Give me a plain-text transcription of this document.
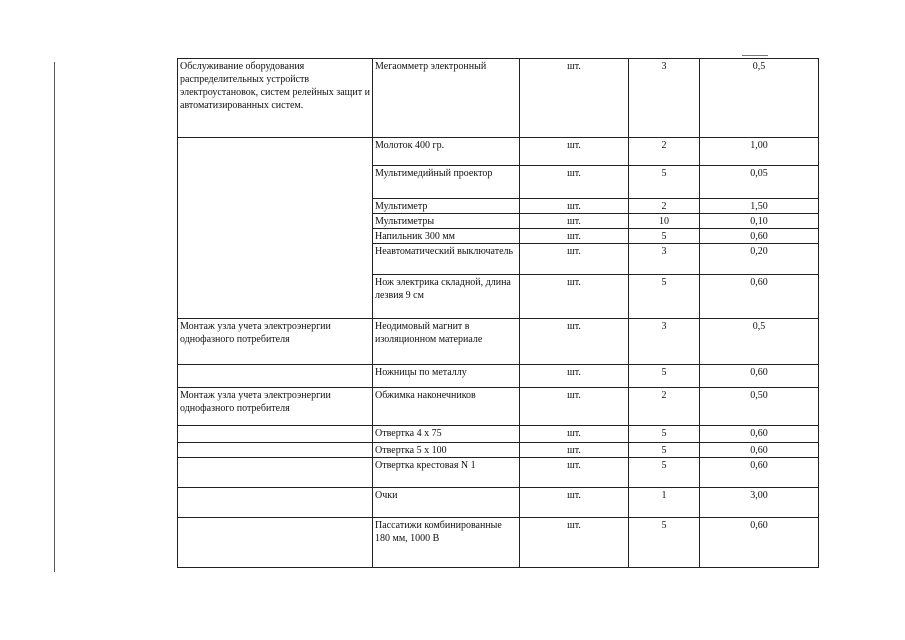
Обслуживание оборудования распределительных устройств электроустановок, систем релейных защит и автоматизированных систем.	Мегаомметр электронный	шт.	3	0,5
	Молоток 400 гр.	шт.	2	1,00
	Мультимедийный проектор	шт.	5	0,05
	Мультиметр	шт.	2	1,50
	Мультиметры	шт.	10	0,10
	Напильник 300 мм	шт.	5	0,60
	Неавтоматический выключатель	шт.	3	0,20
	Нож электрика складной, длина лезвия 9 см	шт.	5	0,60
Монтаж узла учета электроэнергии однофазного потребителя	Неодимовый магнит в изоляционном материале	шт.	3	0,5
	Ножницы по металлу	шт.	5	0,60
Монтаж узла учета электроэнергии однофазного потребителя	Обжимка наконечников	шт.	2	0,50
	Отвертка 4 х 75	шт.	5	0,60
	Отвертка 5 х 100	шт.	5	0,60
	Отвертка крестовая N 1	шт.	5	0,60
	Очки	шт.	1	3,00
	Пассатижи комбинированные 180 мм, 1000 В	шт.	5	0,60
